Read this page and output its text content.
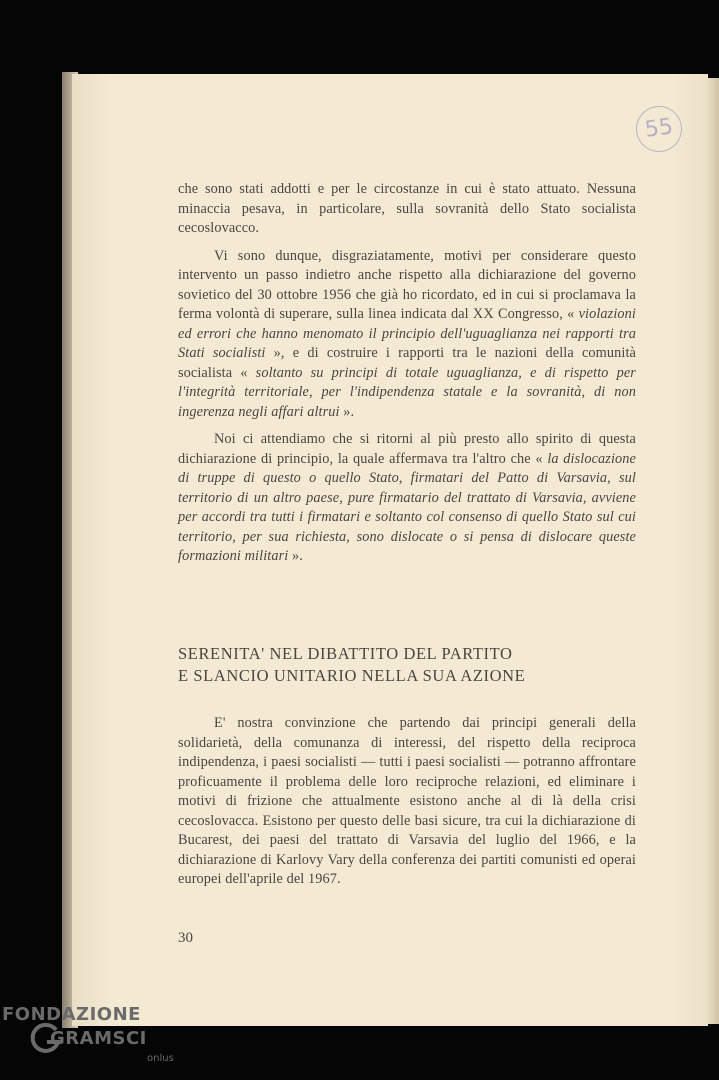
55

che sono stati addotti e per le circostanze in cui è stato attuato. Nessuna minaccia pesava, in particolare, sulla sovranità dello Stato socialista cecoslovacco.

Vi sono dunque, disgraziatamente, motivi per considerare questo intervento un passo indietro anche rispetto alla dichiarazione del governo sovietico del 30 ottobre 1956 che già ho ricordato, ed in cui si proclamava la ferma volontà di superare, sulla linea indicata dal XX Congresso, « violazioni ed errori che hanno menomato il principio dell'uguaglianza nei rapporti tra Stati socialisti », e di costruire i rapporti tra le nazioni della comunità socialista « soltanto su principi di totale uguaglianza, e di rispetto per l'integrità territoriale, per l'indipendenza statale e la sovranità, di non ingerenza negli affari altrui ».

Noi ci attendiamo che si ritorni al più presto allo spirito di questa dichiarazione di principio, la quale affermava tra l'altro che « la dislocazione di truppe di questo o quello Stato, firmatari del Patto di Varsavia, sul territorio di un altro paese, pure firmatario del trattato di Varsavia, avviene per accordi tra tutti i firmatari e soltanto col consenso di quello Stato sul cui territorio, per sua richiesta, sono dislocate o si pensa di dislocare queste formazioni militari ».

SERENITA' NEL DIBATTITO DEL PARTITO
E SLANCIO UNITARIO NELLA SUA AZIONE

E' nostra convinzione che partendo dai principi generali della solidarietà, della comunanza di interessi, del rispetto della reciproca indipendenza, i paesi socialisti — tutti i paesi socialisti — potranno affrontare proficuamente il problema delle loro reciproche relazioni, ed eliminare i motivi di frizione che attualmente esistono anche al di là della crisi cecoslovacca. Esistono per questo delle basi sicure, tra cui la dichiarazione di Bucarest, dei paesi del trattato di Varsavia del luglio del 1966, e la dichiarazione di Karlovy Vary della conferenza dei partiti comunisti ed operai europei dell'aprile del 1967.

30
FONDAZIONE
GRAMSCI
onlus
